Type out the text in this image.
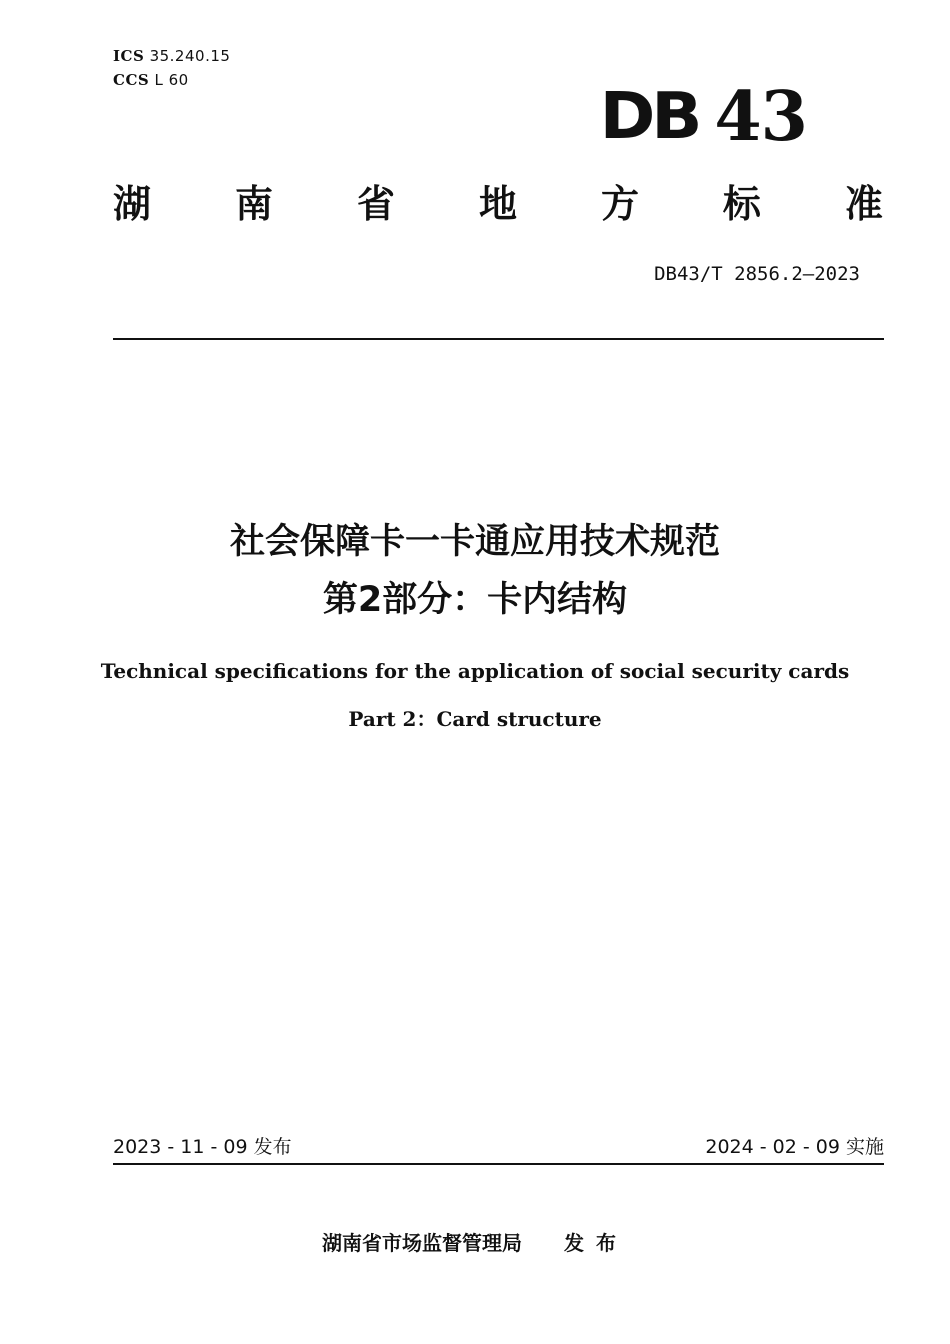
ICS 35.240.15
CCS L 60	DB 43
湖 南 省 地 方 标 准
DB43/T 2856.2—2023
社会保障卡一卡通应用技术规范
第2部分：卡内结构
Technical specifications for the application of social security cards
Part 2：Card structure
2023 - 11 - 09 发布	2024 - 02 - 09 实施
湖南省市场监督管理局 发布
